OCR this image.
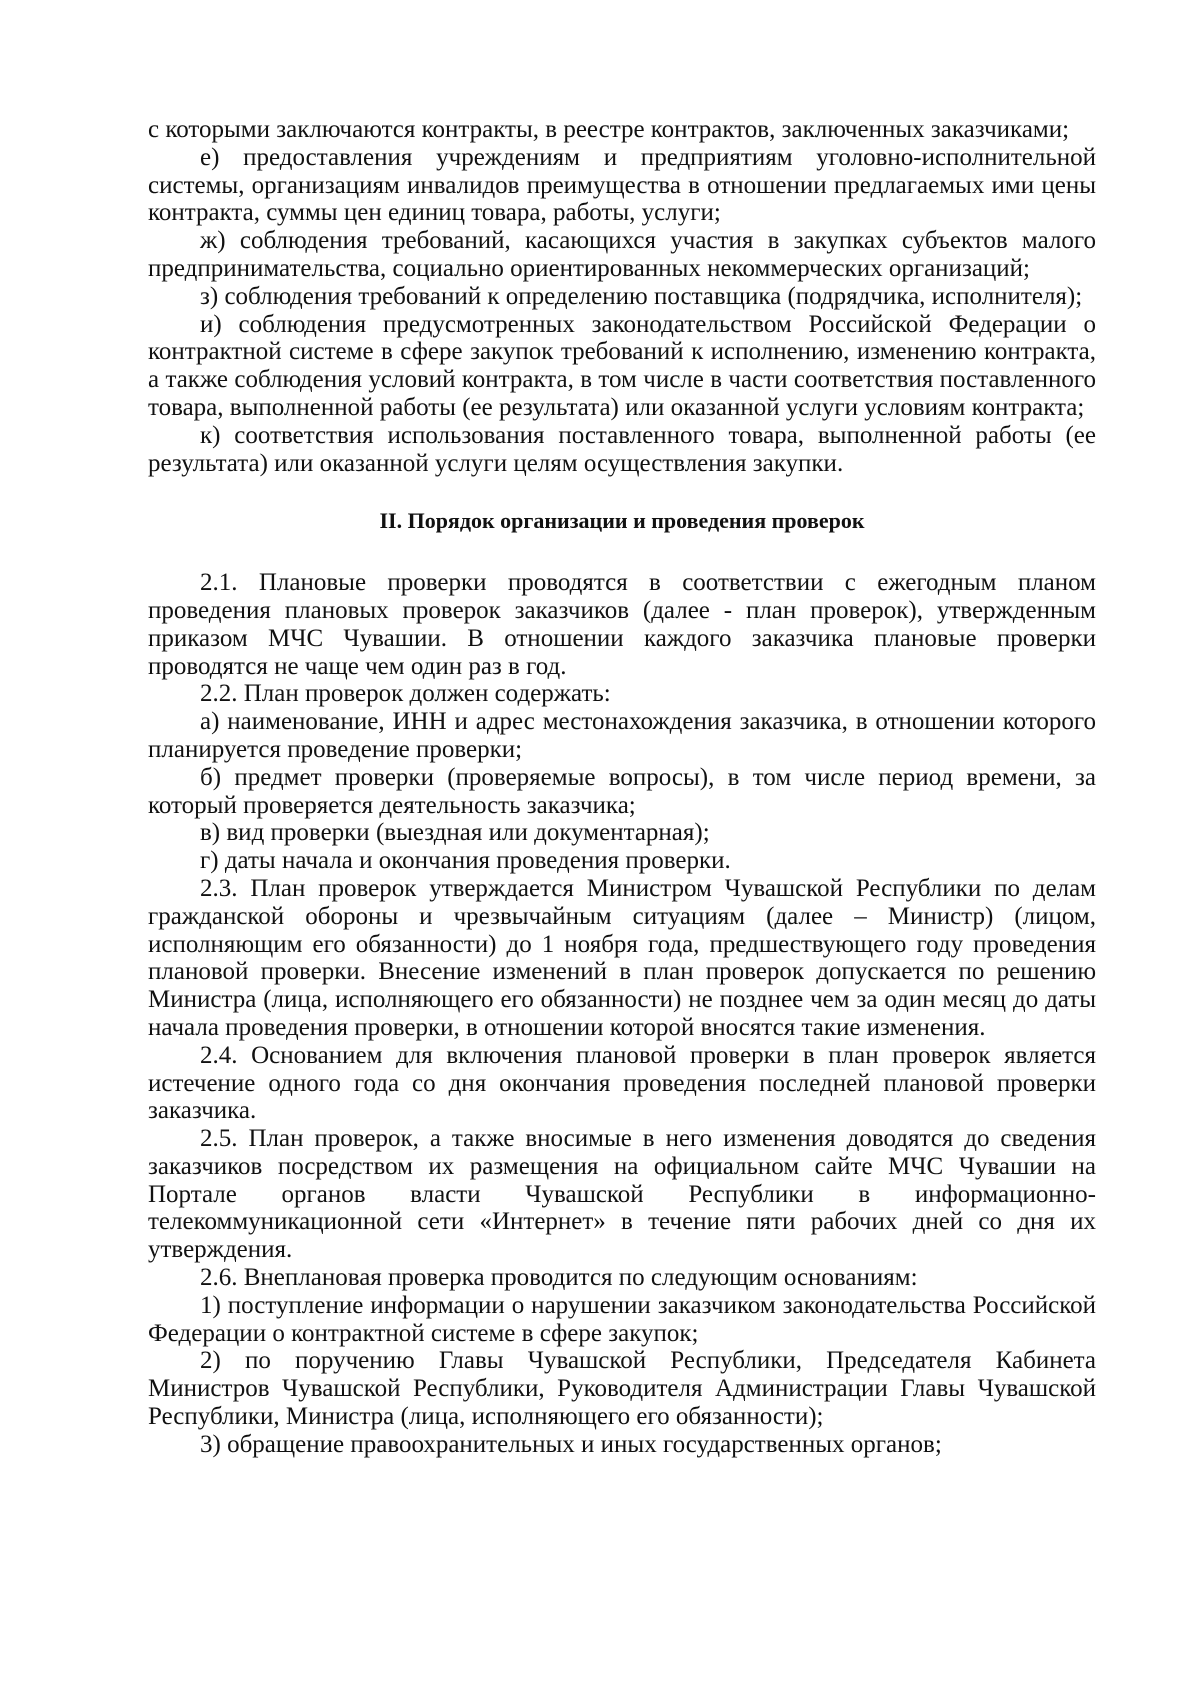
с которыми заключаются контракты, в реестре контрактов, заключенных заказчиками;

е) предоставления учреждениям и предприятиям уголовно-исполнительной системы, организациям инвалидов преимущества в отношении предлагаемых ими цены контракта, суммы цен единиц товара, работы, услуги;

ж) соблюдения требований, касающихся участия в закупках субъектов малого предпринимательства, социально ориентированных некоммерческих организаций;

з) соблюдения требований к определению поставщика (подрядчика, исполнителя);

и) соблюдения предусмотренных законодательством Российской Федерации о контрактной системе в сфере закупок требований к исполнению, изменению контракта, а также соблюдения условий контракта, в том числе в части соответствия поставленного товара, выполненной работы (ее результата) или оказанной услуги условиям контракта;

к) соответствия использования поставленного товара, выполненной работы (ее результата) или оказанной услуги целям осуществления закупки.

II. Порядок организации и проведения проверок

2.1. Плановые проверки проводятся в соответствии с ежегодным планом проведения плановых проверок заказчиков (далее - план проверок), утвержденным приказом МЧС Чувашии. В отношении каждого заказчика плановые проверки проводятся не чаще чем один раз в год.

2.2. План проверок должен содержать:

а) наименование, ИНН и адрес местонахождения заказчика, в отношении которого планируется проведение проверки;

б) предмет проверки (проверяемые вопросы), в том числе период времени, за который проверяется деятельность заказчика;

в) вид проверки (выездная или документарная);

г) даты начала и окончания проведения проверки.

2.3. План проверок утверждается Министром Чувашской Республики по делам гражданской обороны и чрезвычайным ситуациям (далее – Министр) (лицом, исполняющим его обязанности) до 1 ноября года, предшествующего году проведения плановой проверки. Внесение изменений в план проверок допускается по решению Министра (лица, исполняющего его обязанности) не позднее чем за один месяц до даты начала проведения проверки, в отношении которой вносятся такие изменения.

2.4. Основанием для включения плановой проверки в план проверок является истечение одного года со дня окончания проведения последней плановой проверки заказчика.

2.5. План проверок, а также вносимые в него изменения доводятся до сведения заказчиков посредством их размещения на официальном сайте МЧС Чувашии на Портале органов власти Чувашской Республики в информационно-телекоммуникационной сети «Интернет» в течение пяти рабочих дней со дня их утверждения.

2.6. Внеплановая проверка проводится по следующим основаниям:

1) поступление информации о нарушении заказчиком законодательства Российской Федерации о контрактной системе в сфере закупок;

2) по поручению Главы Чувашской Республики, Председателя Кабинета Министров Чувашской Республики, Руководителя Администрации Главы Чувашской Республики, Министра (лица, исполняющего его обязанности);

3) обращение правоохранительных и иных государственных органов;
